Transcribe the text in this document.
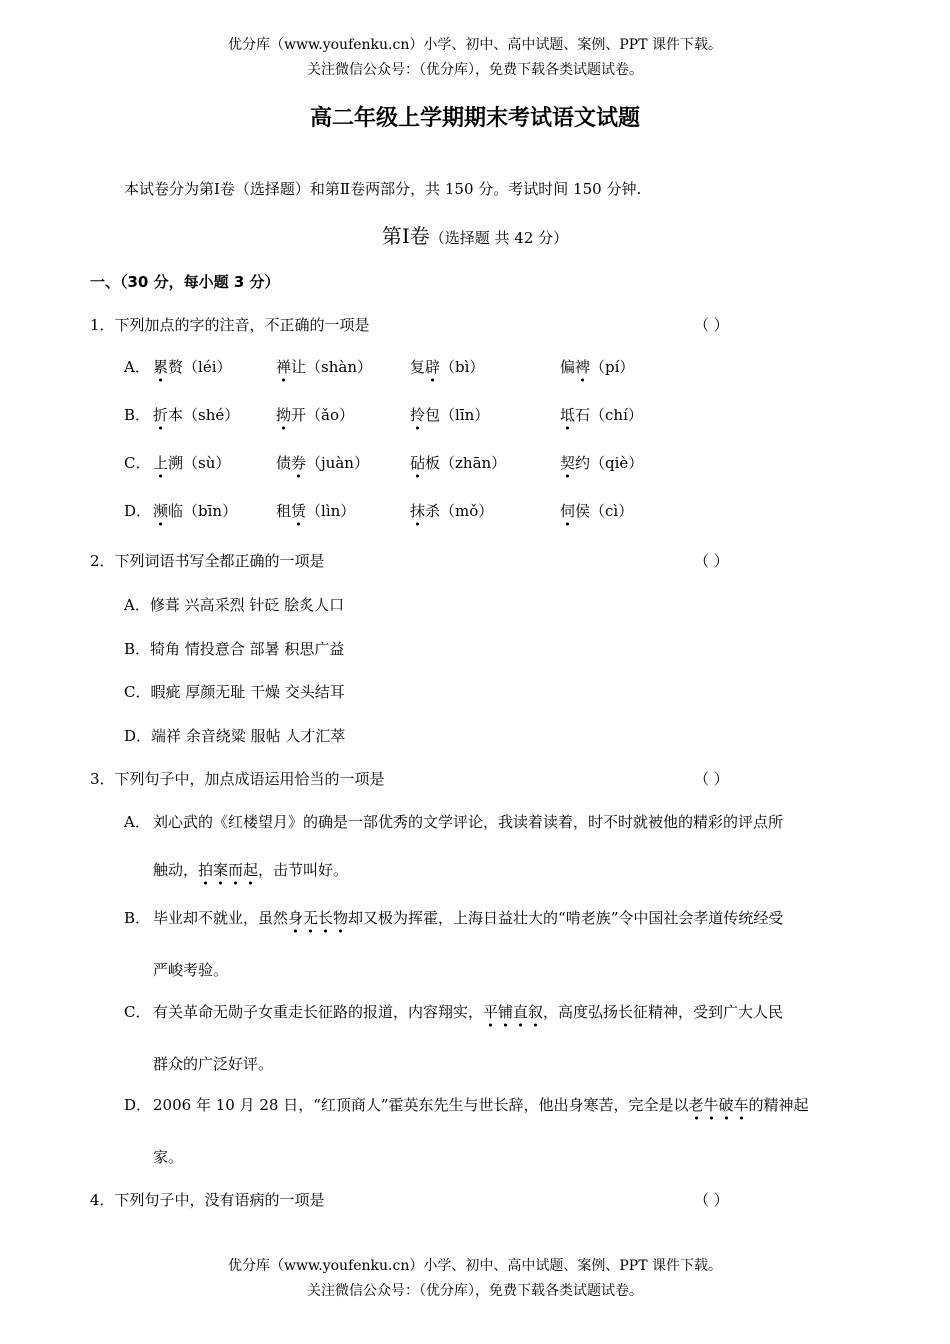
优分库（www.youfenku.cn）小学、初中、高中试题、案例、PPT 课件下载。
关注微信公众号：（优分库），免费下载各类试题试卷。
高二年级上学期期末考试语文试题
本试卷分为第Ⅰ卷（选择题）和第Ⅱ卷两部分，共 150 分。考试时间 150 分钟.
第Ⅰ卷（选择题 共 42 分）
一、（30 分，每小题 3 分）
1．下列加点的字的注音，不正确的一项是	（ ）
A． 累赘（léi）	禅让（shàn）	复辟（bì）	偏裨（pí）
B． 折本（shé） 拗开（ǎo）	拎包（līn）	坻石（chí）
C． 上溯（sù）	债券（juàn）	砧板（zhān）	契约（qiè）
D． 濒临（bīn）	租赁（lìn）	抹杀（mǒ）	伺侯（cì）
2．下列词语书写全都正确的一项是	（ ）
A．修葺 兴高采烈 针砭 脍炙人口
B．犄角 情投意合 部暑 积思广益
C．暇疵 厚颜无耻 干燥 交头结耳
D．端祥 余音绕粱 服帖 人才汇萃
3．下列句子中，加点成语运用恰当的一项是	（ ）
A． 刘心武的《红楼望月》的确是一部优秀的文学评论，我读着读着，时不时就被他的精彩的评点所
触动，拍案而起，击节叫好。
B． 毕业却不就业，虽然身无长物却又极为挥霍，上海日益壮大的“啃老族”令中国社会孝道传统经受
严峻考验。
C． 有关革命无勋子女重走长征路的报道，内容翔实，平铺直叙，高度弘扬长征精神，受到广大人民
群众的广泛好评。
D． 2006 年 10 月 28 日，“红顶商人”霍英东先生与世长辞，他出身寒苦，完全是以老牛破车的精神起
家。
4．下列句子中，没有语病的一项是	（ ）
优分库（www.youfenku.cn）小学、初中、高中试题、案例、PPT 课件下载。
关注微信公众号：（优分库），免费下载各类试题试卷。
